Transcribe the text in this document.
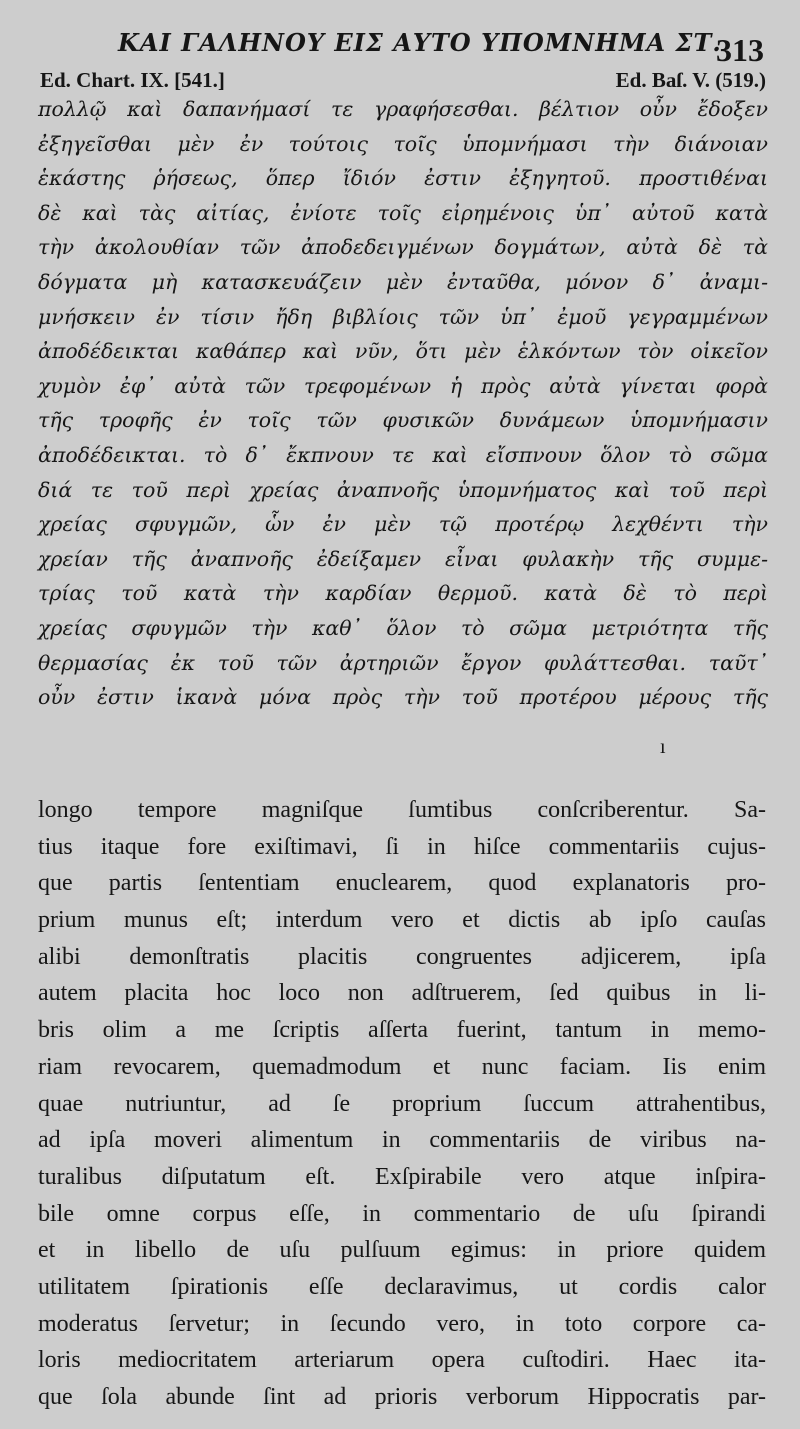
ΚΑΙ ΓΑΛΗΝΟΥ ΕΙΣ ΑΥΤΟ ΥΠΟΜΝΗΜΑ ΣΤ.
313
Ed. Chart. IX. [541.]	Ed. Baſ. V. (519.)
πολλῷ καὶ δαπανήμασί τε γραφήσεσθαι. βέλτιον οὖν ἔδοξεν
ἐξηγεῖσθαι μὲν ἐν τούτοις τοῖς ὑπομνήμασι τὴν διάνοιαν
ἑκάστης ῥήσεως, ὅπερ ἴδιόν ἐστιν ἐξηγητοῦ. προστιθέναι
δὲ καὶ τὰς αἰτίας, ἐνίοτε τοῖς εἰρημένοις ὑπ᾽ αὐτοῦ κατὰ
τὴν ἀκολουθίαν τῶν ἀποδεδειγμένων δογμάτων, αὐτὰ δὲ τὰ
δόγματα μὴ κατασκευάζειν μὲν ἐνταῦθα, μόνον δ᾽ ἀναμι-
μνήσκειν ἐν τίσιν ἤδη βιβλίοις τῶν ὑπ᾽ ἐμοῦ γεγραμμένων
ἀποδέδεικται καθάπερ καὶ νῦν, ὅτι μὲν ἑλκόντων τὸν οἰκεῖον
χυμὸν ἐφ᾽ αὐτὰ τῶν τρεφομένων ἡ πρὸς αὐτὰ γίνεται φορὰ
τῆς τροφῆς ἐν τοῖς τῶν φυσικῶν δυνάμεων ὑπομνήμασιν
ἀποδέδεικται. τὸ δ᾽ ἔκπνουν τε καὶ εἴσπνουν ὅλον τὸ σῶμα
διά τε τοῦ περὶ χρείας ἀναπνοῆς ὑπομνήματος καὶ τοῦ περὶ
χρείας σφυγμῶν, ὧν ἐν μὲν τῷ προτέρῳ λεχθέντι τὴν
χρείαν τῆς ἀναπνοῆς ἐδείξαμεν εἶναι φυλακὴν τῆς συμμε-
τρίας τοῦ κατὰ τὴν καρδίαν θερμοῦ. κατὰ δὲ τὸ περὶ
χρείας σφυγμῶν τὴν καθ᾽ ὅλον τὸ σῶμα μετριότητα τῆς
θερμασίας ἐκ τοῦ τῶν ἀρτηριῶν ἔργον φυλάττεσθαι. ταῦτ᾽
οὖν ἐστιν ἱκανὰ μόνα πρὸς τὴν τοῦ προτέρου μέρους τῆς
ı
longo tempore magniſque ſumtibus conſcriberentur. Sa-
tius itaque fore exiſtimavi, ſi in hiſce commentariis cujus-
que partis ſententiam enuclearem, quod explanatoris pro-
prium munus eſt; interdum vero et dictis ab ipſo cauſas
alibi demonſtratis placitis congruentes adjicerem, ipſa
autem placita hoc loco non adſtruerem, ſed quibus in li-
bris olim a me ſcriptis aſſerta fuerint, tantum in memo-
riam revocarem, quemadmodum et nunc faciam. Iis enim
quae nutriuntur, ad ſe proprium ſuccum attrahentibus,
ad ipſa moveri alimentum in commentariis de viribus na-
turalibus diſputatum eſt. Exſpirabile vero atque inſpira-
bile omne corpus eſſe, in commentario de uſu ſpirandi
et in libello de uſu pulſuum egimus: in priore quidem
utilitatem ſpirationis eſſe declaravimus, ut cordis calor
moderatus ſervetur; in ſecundo vero, in toto corpore ca-
loris mediocritatem arteriarum opera cuſtodiri. Haec ita-
que ſola abunde ſint ad prioris verborum Hippocratis par-
